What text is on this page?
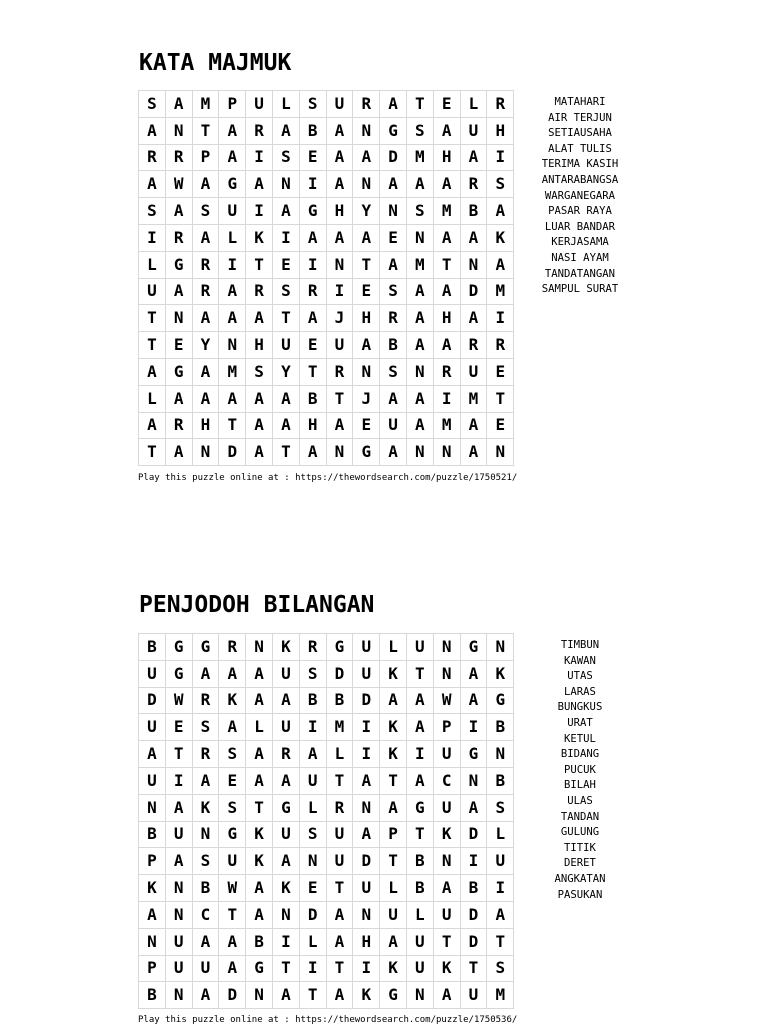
KATA MAJMUK
S	A	M	P	U	L	S	U	R	A	T	E	L	R
A	N	T	A	R	A	B	A	N	G	S	A	U	H
R	R	P	A	I	S	E	A	A	D	M	H	A	I
A	W	A	G	A	N	I	A	N	A	A	A	R	S
S	A	S	U	I	A	G	H	Y	N	S	M	B	A
I	R	A	L	K	I	A	A	A	E	N	A	A	K
L	G	R	I	T	E	I	N	T	A	M	T	N	A
U	A	R	A	R	S	R	I	E	S	A	A	D	M
T	N	A	A	A	T	A	J	H	R	A	H	A	I
T	E	Y	N	H	U	E	U	A	B	A	A	R	R
A	G	A	M	S	Y	T	R	N	S	N	R	U	E
L	A	A	A	A	A	B	T	J	A	A	I	M	T
A	R	H	T	A	A	H	A	E	U	A	M	A	E
T	A	N	D	A	T	A	N	G	A	N	N	A	N
MATAHARI
AIR TERJUN
SETIAUSAHA
ALAT TULIS
TERIMA KASIH
ANTARABANGSA
WARGANEGARA
PASAR RAYA
LUAR BANDAR
KERJASAMA
NASI AYAM
TANDATANGAN
SAMPUL SURAT
Play this puzzle online at : https://thewordsearch.com/puzzle/1750521/
PENJODOH BILANGAN
B	G	G	R	N	K	R	G	U	L	U	N	G	N
U	G	A	A	A	U	S	D	U	K	T	N	A	K
D	W	R	K	A	A	B	B	D	A	A	W	A	G
U	E	S	A	L	U	I	M	I	K	A	P	I	B
A	T	R	S	A	R	A	L	I	K	I	U	G	N
U	I	A	E	A	A	U	T	A	T	A	C	N	B
N	A	K	S	T	G	L	R	N	A	G	U	A	S
B	U	N	G	K	U	S	U	A	P	T	K	D	L
P	A	S	U	K	A	N	U	D	T	B	N	I	U
K	N	B	W	A	K	E	T	U	L	B	A	B	I
A	N	C	T	A	N	D	A	N	U	L	U	D	A
N	U	A	A	B	I	L	A	H	A	U	T	D	T
P	U	U	A	G	T	I	T	I	K	U	K	T	S
B	N	A	D	N	A	T	A	K	G	N	A	U	M
TIMBUN
KAWAN
UTAS
LARAS
BUNGKUS
URAT
KETUL
BIDANG
PUCUK
BILAH
ULAS
TANDAN
GULUNG
TITIK
DERET
ANGKATAN
PASUKAN
Play this puzzle online at : https://thewordsearch.com/puzzle/1750536/
